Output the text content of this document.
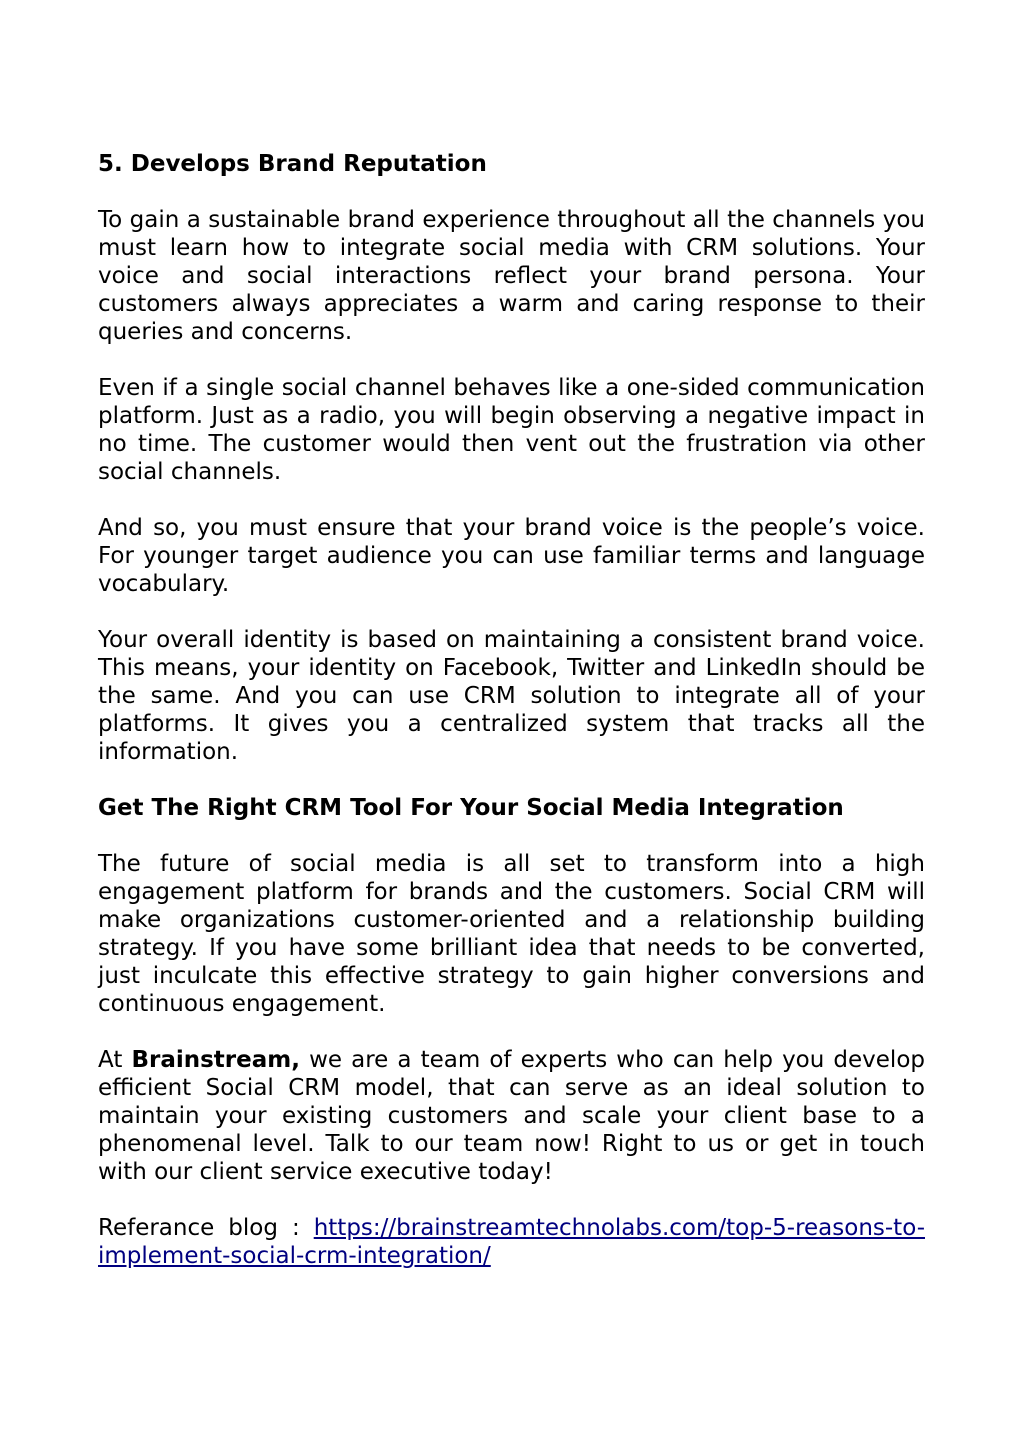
5. Develops Brand Reputation

To gain a sustainable brand experience throughout all the channels you must learn how to integrate social media with CRM solutions. Your voice and social interactions reflect your brand persona. Your customers always appreciates a warm and caring response to their queries and concerns.

Even if a single social channel behaves like a one-sided communication platform. Just as a radio, you will begin observing a negative impact in no time. The customer would then vent out the frustration via other social channels.

And so, you must ensure that your brand voice is the people’s voice. For younger target audience you can use familiar terms and language vocabulary.

Your overall identity is based on maintaining a consistent brand voice. This means, your identity on Facebook, Twitter and LinkedIn should be the same. And you can use CRM solution to integrate all of your platforms. It gives you a centralized system that tracks all the information.

Get The Right CRM Tool For Your Social Media Integration

The future of social media is all set to transform into a high engagement platform for brands and the customers. Social CRM will make organizations customer-oriented and a relationship building strategy. If you have some brilliant idea that needs to be converted, just inculcate this effective strategy to gain higher conversions and continuous engagement.

At Brainstream, we are a team of experts who can help you develop efficient Social CRM model, that can serve as an ideal solution to maintain your existing customers and scale your client base to a phenomenal level. Talk to our team now! Right to us or get in touch with our client service executive today!

Referance blog : https://brainstreamtechnolabs.com/top-5-reasons-to-implement-social-crm-integration/
